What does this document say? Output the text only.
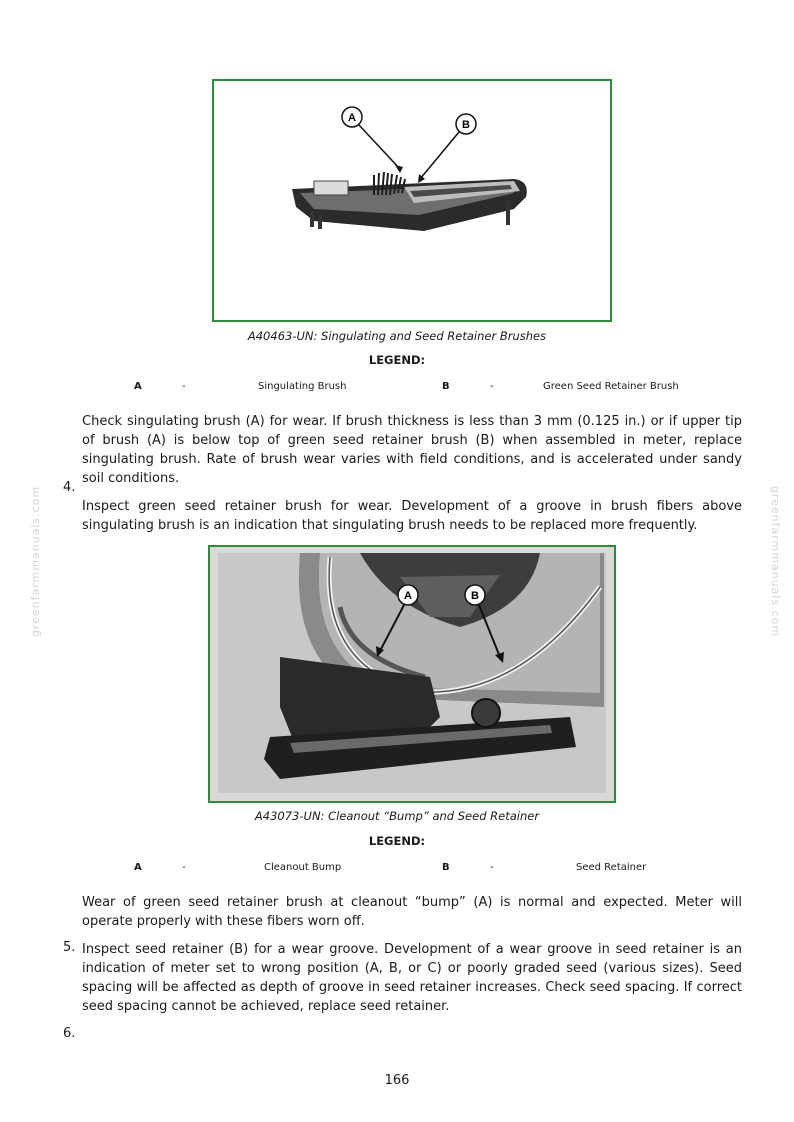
greenfarmmanuals.com	greenfarmmanuals.com
A
B
A40463-UN: Singulating and Seed Retainer Brushes
LEGEND:
A	-	Singulating Brush	B	-	Green Seed Retainer Brush
Check singulating brush (A) for wear. If brush thickness is less than 3 mm (0.125 in.) or if upper tip of brush (A) is below top of green seed retainer brush (B) when assembled in meter, replace singulating brush. Rate of brush wear varies with field conditions, and is accelerated under sandy soil conditions.
4.
Inspect green seed retainer brush for wear. Development of a groove in brush fibers above singulating brush is an indication that singulating brush needs to be replaced more frequently.
A	B
A43073-UN: Cleanout “Bump” and Seed Retainer
LEGEND:
A	-	Cleanout Bump	B	-	Seed Retainer
Wear of green seed retainer brush at cleanout “bump” (A) is normal and expected. Meter will operate properly with these fibers worn off.
5. Inspect seed retainer (B) for a wear groove. Development of a wear groove in seed retainer is an indication of meter set to wrong position (A, B, or C) or poorly graded seed (various sizes). Seed spacing will be affected as depth of groove in seed retainer increases. Check seed spacing. If correct seed spacing cannot be achieved, replace seed retainer.
6.
166
